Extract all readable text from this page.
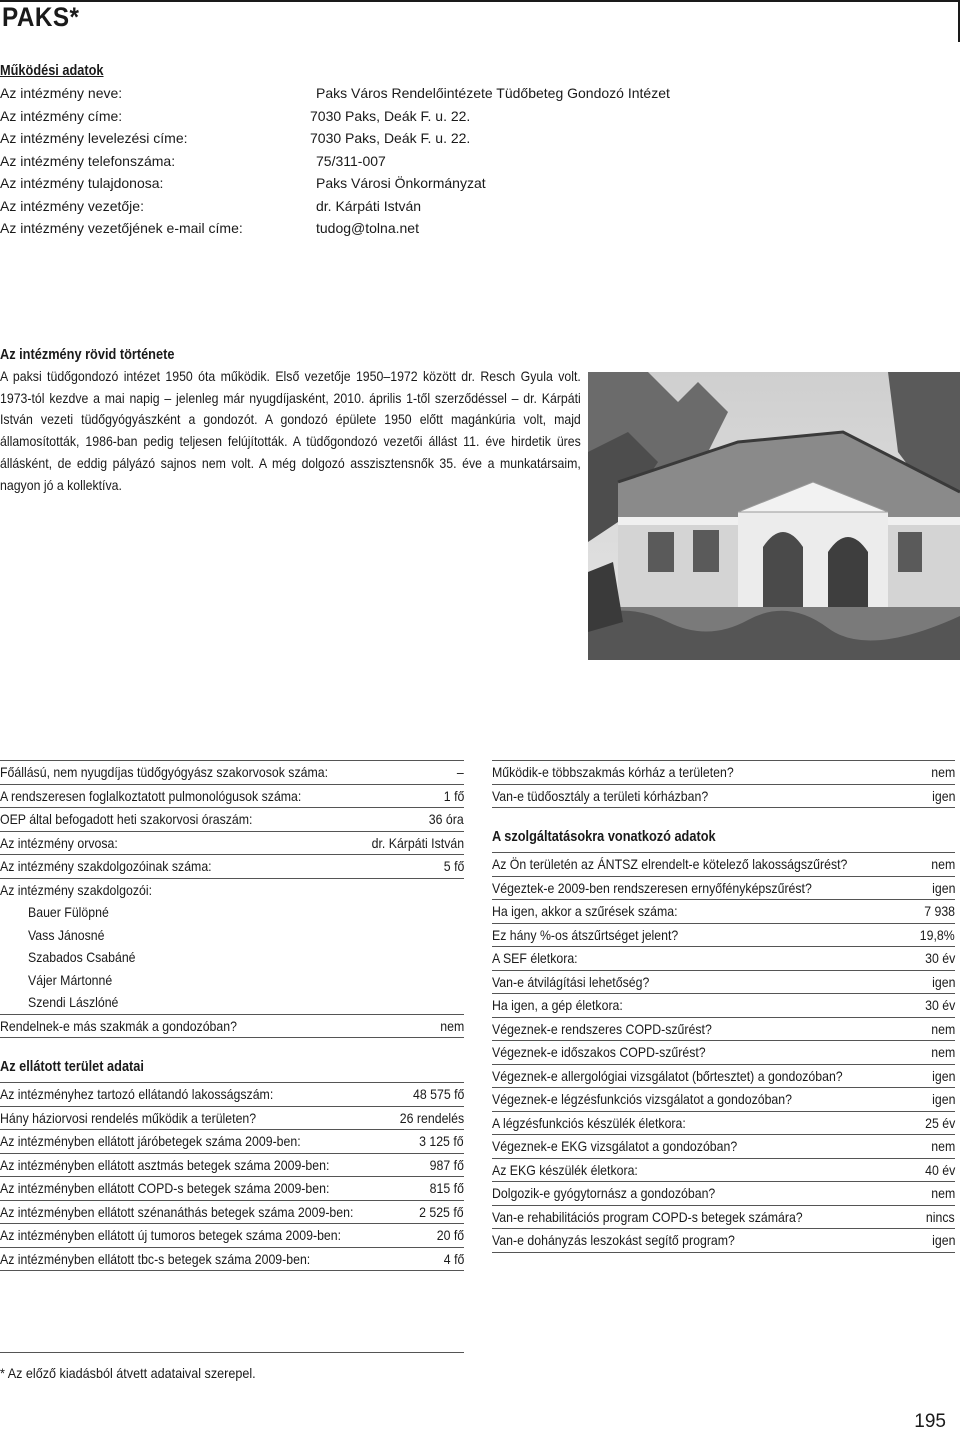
PAKS*
Működési adatok
Az intézmény neve:	Paks Város Rendelőintézete Tüdőbeteg Gondozó Intézet
Az intézmény címe:	7030 Paks, Deák F. u. 22.
Az intézmény levelezési címe:	7030 Paks, Deák F. u. 22.
Az intézmény telefonszáma:	75/311-007
Az intézmény tulajdonosa:	Paks Városi Önkormányzat
Az intézmény vezetője:	dr. Kárpáti István
Az intézmény vezetőjének e-mail címe:	tudog@tolna.net
Az intézmény rövid története
A paksi tüdőgondozó intézet 1950 óta működik. Első vezetője 1950–1972 között dr. Resch Gyula volt. 1973-tól kezdve a mai napig – jelenleg már nyugdíjasként, 2010. április 1-től szerződéssel – dr. Kárpáti István vezeti tüdőgyógyászként a gondozót. A gondozó épülete 1950 előtt magánkúria volt, majd államosították, 1986-ban pedig teljesen felújították. A tüdőgondozó vezetői állást 11. éve hirdetik üres állásként, de eddig pályázó sajnos nem volt. A még dolgozó asszisztensnők 35. éve a munkatársaim, nagyon jó a kollektíva.
Főállású, nem nyugdíjas tüdőgyógyász szakorvosok száma:	–
A rendszeresen foglalkoztatott pulmonológusok száma:	1 fő
OEP által befogadott heti szakorvosi óraszám:	36 óra
Az intézmény orvosa:	dr. Kárpáti István
Az intézmény szakdolgozóinak száma:	5 fő
Az intézmény szakdolgozói:
Bauer Fülöpné
Vass Jánosné
Szabados Csabáné
Vájer Mártonné
Szendi Lászlóné
Rendelnek-e más szakmák a gondozóban?	nem
Az ellátott terület adatai
Az intézményhez tartozó ellátandó lakosságszám:	48 575 fő
Hány háziorvosi rendelés működik a területen?	26 rendelés
Az intézményben ellátott járóbetegek száma 2009-ben:	3 125 fő
Az intézményben ellátott asztmás betegek száma 2009-ben:	987 fő
Az intézményben ellátott COPD-s betegek száma 2009-ben:	815 fő
Az intézményben ellátott szénanáthás betegek száma 2009-ben:	2 525 fő
Az intézményben ellátott új tumoros betegek száma 2009-ben:	20 fő
Az intézményben ellátott tbc-s betegek száma 2009-ben:	4 fő
Működik-e többszakmás kórház a területen?	nem
Van-e tüdőosztály a területi kórházban?	igen
A szolgáltatásokra vonatkozó adatok
Az Ön területén az ÁNTSZ elrendelt-e kötelező lakosságszűrést?	nem
Végeztek-e 2009-ben rendszeresen ernyőfényképszűrést?	igen
Ha igen, akkor a szűrések száma:	7 938
Ez hány %-os átszűrtséget jelent?	19,8%
A SEF életkora:	30 év
Van-e átvilágítási lehetőség?	igen
Ha igen, a gép életkora:	30 év
Végeznek-e rendszeres COPD-szűrést?	nem
Végeznek-e időszakos COPD-szűrést?	nem
Végeznek-e allergológiai vizsgálatot (bőrtesztet) a gondozóban?	igen
Végeznek-e légzésfunkciós vizsgálatot a gondozóban?	igen
A légzésfunkciós készülék életkora:	25 év
Végeznek-e EKG vizsgálatot a gondozóban?	nem
Az EKG készülék életkora:	40 év
Dolgozik-e gyógytornász a gondozóban?	nem
Van-e rehabilitációs program COPD-s betegek számára?	nincs
Van-e dohányzás leszokást segítő program?	igen
* Az előző kiadásból átvett adataival szerepel.
195
